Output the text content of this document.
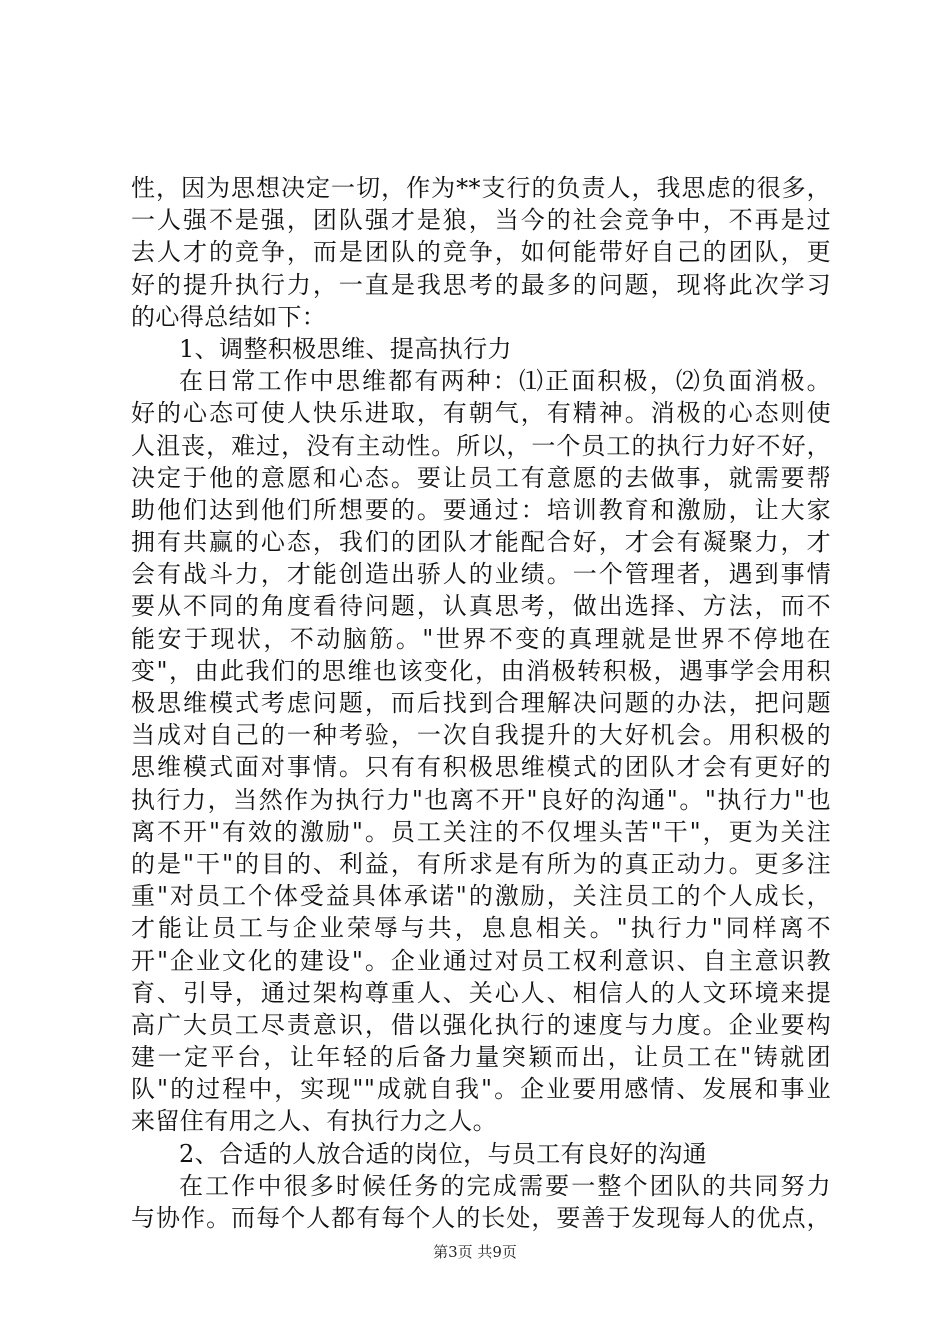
性，因为思想决定一切，作为**支行的负责人，我思虑的很多，
一人强不是强，团队强才是狼，当今的社会竞争中，不再是过
去人才的竞争，而是团队的竞争，如何能带好自己的团队，更
好的提升执行力，一直是我思考的最多的问题，现将此次学习
的心得总结如下：
1、调整积极思维、提高执行力
在日常工作中思维都有两种：⑴正面积极，⑵负面消极。
好的心态可使人快乐进取，有朝气，有精神。消极的心态则使
人沮丧，难过，没有主动性。所以，一个员工的执行力好不好，
决定于他的意愿和心态。要让员工有意愿的去做事，就需要帮
助他们达到他们所想要的。要通过：培训教育和激励，让大家
拥有共赢的心态，我们的团队才能配合好，才会有凝聚力，才
会有战斗力，才能创造出骄人的业绩。一个管理者，遇到事情
要从不同的角度看待问题，认真思考，做出选择、方法，而不
能安于现状，不动脑筋。"世界不变的真理就是世界不停地在
变"，由此我们的思维也该变化，由消极转积极，遇事学会用积
极思维模式考虑问题，而后找到合理解决问题的办法，把问题
当成对自己的一种考验，一次自我提升的大好机会。用积极的
思维模式面对事情。只有有积极思维模式的团队才会有更好的
执行力，当然作为执行力"也离不开"良好的沟通"。"执行力"也
离不开"有效的激励"。员工关注的不仅埋头苦"干"，更为关注
的是"干"的目的、利益，有所求是有所为的真正动力。更多注
重"对员工个体受益具体承诺"的激励，关注员工的个人成长，
才能让员工与企业荣辱与共，息息相关。"执行力"同样离不
开"企业文化的建设"。企业通过对员工权利意识、自主意识教
育、引导，通过架构尊重人、关心人、相信人的人文环境来提
高广大员工尽责意识，借以强化执行的速度与力度。企业要构
建一定平台，让年轻的后备力量突颖而出，让员工在"铸就团
队"的过程中，实现""成就自我"。企业要用感情、发展和事业
来留住有用之人、有执行力之人。
2、合适的人放合适的岗位，与员工有良好的沟通
在工作中很多时候任务的完成需要一整个团队的共同努力
与协作。而每个人都有每个人的长处，要善于发现每人的优点，
第3页 共9页
